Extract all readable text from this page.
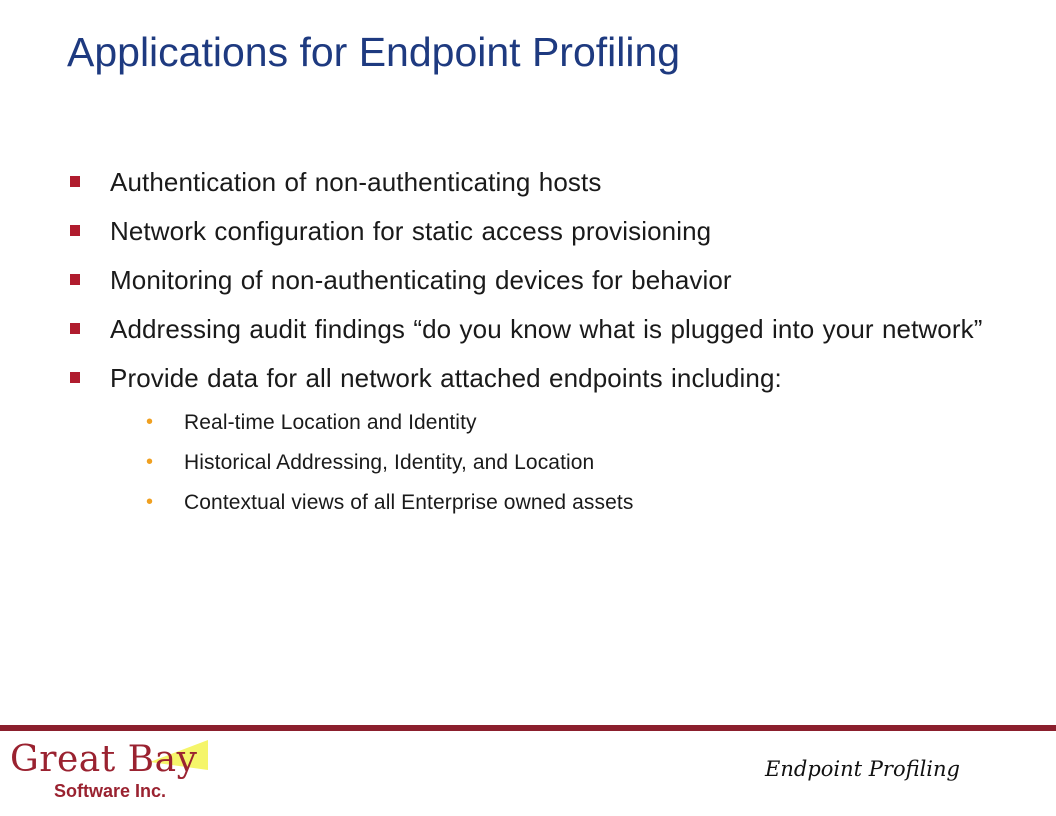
Applications for Endpoint Profiling
Authentication of non-authenticating hosts
Network configuration for static access provisioning
Monitoring of non-authenticating devices for behavior
Addressing audit findings “do you know what is plugged into your network”
Provide data for all network attached endpoints including:
• Real-time Location and Identity
• Historical Addressing, Identity, and Location
• Contextual views of all Enterprise owned assets
Great Bay
Software Inc.
Endpoint Profiling
